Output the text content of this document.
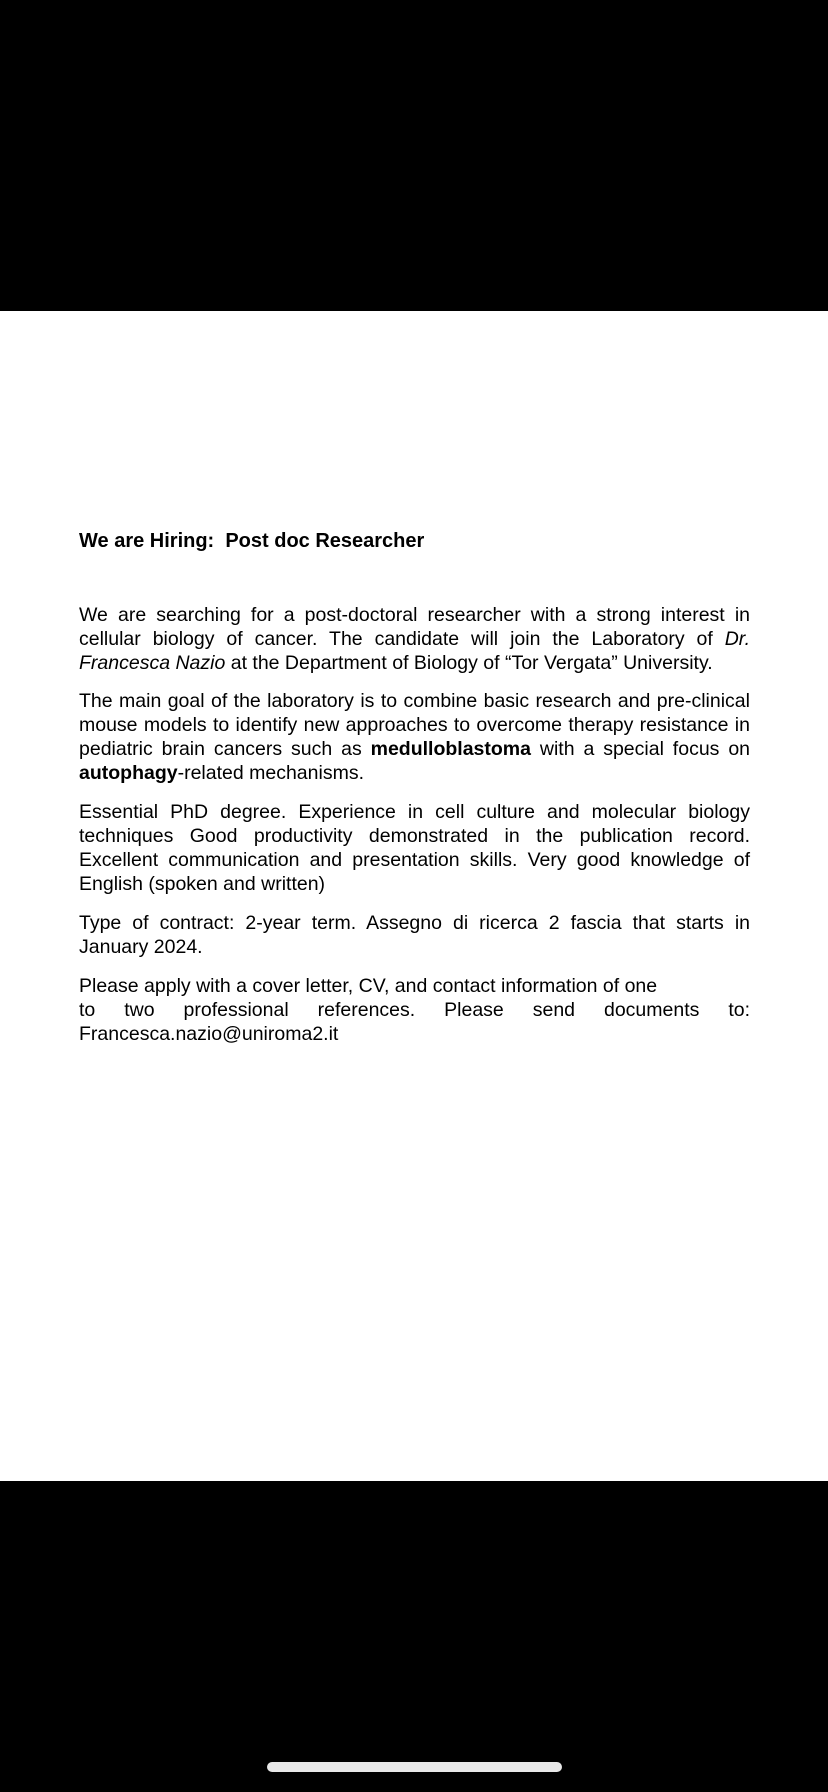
We are Hiring:  Post doc Researcher

We are searching for a post-doctoral researcher with a strong interest in cellular biology of cancer. The candidate will join the Laboratory of Dr. Francesca Nazio at the Department of Biology of “Tor Vergata” University.

The main goal of the laboratory is to combine basic research and pre-clinical mouse models to identify new approaches to overcome therapy resistance in pediatric brain cancers such as medulloblastoma with a special focus on autophagy-related mechanisms.

Essential PhD degree. Experience in cell culture and molecular biology techniques Good productivity demonstrated in the publication record. Excellent communication and presentation skills. Very good knowledge of English (spoken and written)

Type of contract: 2-year term. Assegno di ricerca 2 fascia that starts in January 2024.

Please apply with a cover letter, CV, and contact information of one
to two professional references. Please send documents to:
Francesca.nazio@uniroma2.it
